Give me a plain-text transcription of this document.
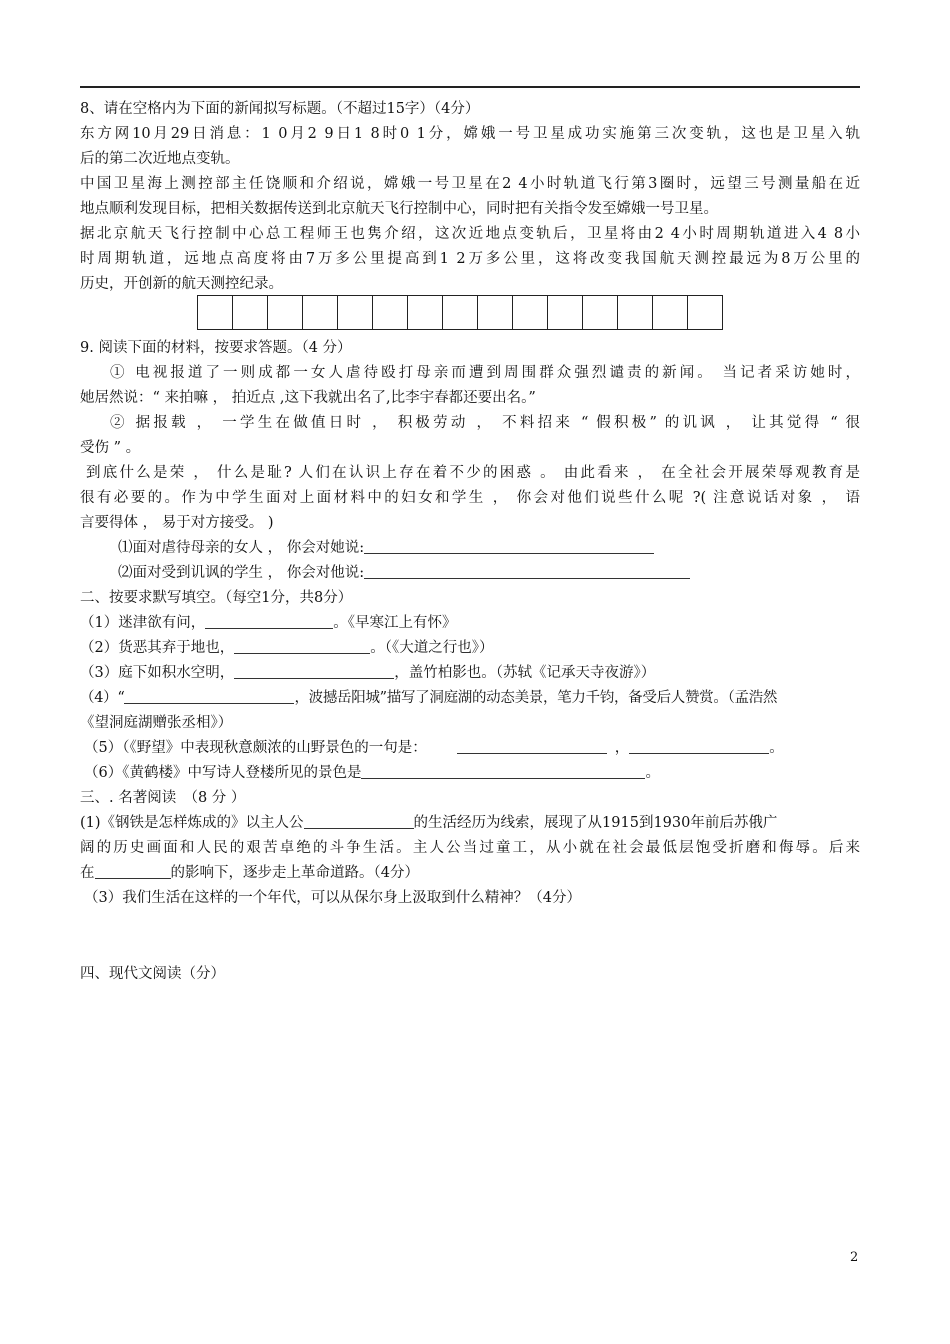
8、请在空格内为下面的新闻拟写标题。（不超过15字）（4分）
东方网10月29日消息：1 0月2 9日1 8时0 1分，嫦娥一号卫星成功实施第三次变轨，这也是卫星入轨
后的第二次近地点变轨。
中国卫星海上测控部主任饶顺和介绍说，嫦娥一号卫星在2 4小时轨道飞行第3圈时，远望三号测量船在近
地点顺利发现目标，把相关数据传送到北京航天飞行控制中心，同时把有关指令发至嫦娥一号卫星。
据北京航天飞行控制中心总工程师王也隽介绍，这次近地点变轨后，卫星将由2 4小时周期轨道进入4 8小
时周期轨道，远地点高度将由7万多公里提高到1 2万多公里，这将改变我国航天测控最远为8万公里的
历史，开创新的航天测控纪录。
9. 阅读下面的材料，按要求答题。（4 分）
① 电视报道了一则成都一女人虐待殴打母亲而遭到周围群众强烈谴责的新闻。 当记者采访她时，
她居然说：“ 来拍嘛 ， 拍近点 ,这下我就出名了,比李宇春都还要出名。”
② 据报载 ， 一学生在做值日时 ， 积极劳动 ， 不料招来 “ 假积极” 的讥讽 ， 让其觉得 “ 很
受伤 ” 。
到底什么是荣 ， 什么是耻? 人们在认识上存在着不少的困惑 。 由此看来 ， 在全社会开展荣辱观教育是
很有必要的。作为中学生面对上面材料中的妇女和学生 ， 你会对他们说些什么呢 ?( 注意说话对象 ， 语
言要得体 ， 易于对方接受。 )
⑴面对虐待母亲的女人 ， 你会对她说:
⑵面对受到讥讽的学生 ， 你会对他说:
二、按要求默写填空。（每空1分，共8分）
（1）迷津欲有问，	。《早寒江上有怀》
（2）货恶其弃于地也，	。（《大道之行也》）
（3）庭下如积水空明，	，盖竹柏影也。（苏轼《记承天寺夜游》）
（4）“	，波撼岳阳城”描写了洞庭湖的动态美景，笔力千钧，备受后人赞赏。（孟浩然
《望洞庭湖赠张丞相》）
（5）（《野望》中表现秋意颇浓的山野景色的一句是：	，	。
（6）《黄鹤楼》中写诗人登楼所见的景色是	。
三、. 名著阅读　（8 分 ）
(1)《钢铁是怎样炼成的》以主人公	的生活经历为线索，展现了从1915到1930年前后苏俄广
阔的历史画面和人民的艰苦卓绝的斗争生活。主人公当过童工，从小就在社会最低层饱受折磨和侮辱。后来
在	的影响下，逐步走上革命道路。（4分）
（3）我们生活在这样的一个年代，可以从保尔身上汲取到什么精神？（4分）
四、现代文阅读（分）
2
